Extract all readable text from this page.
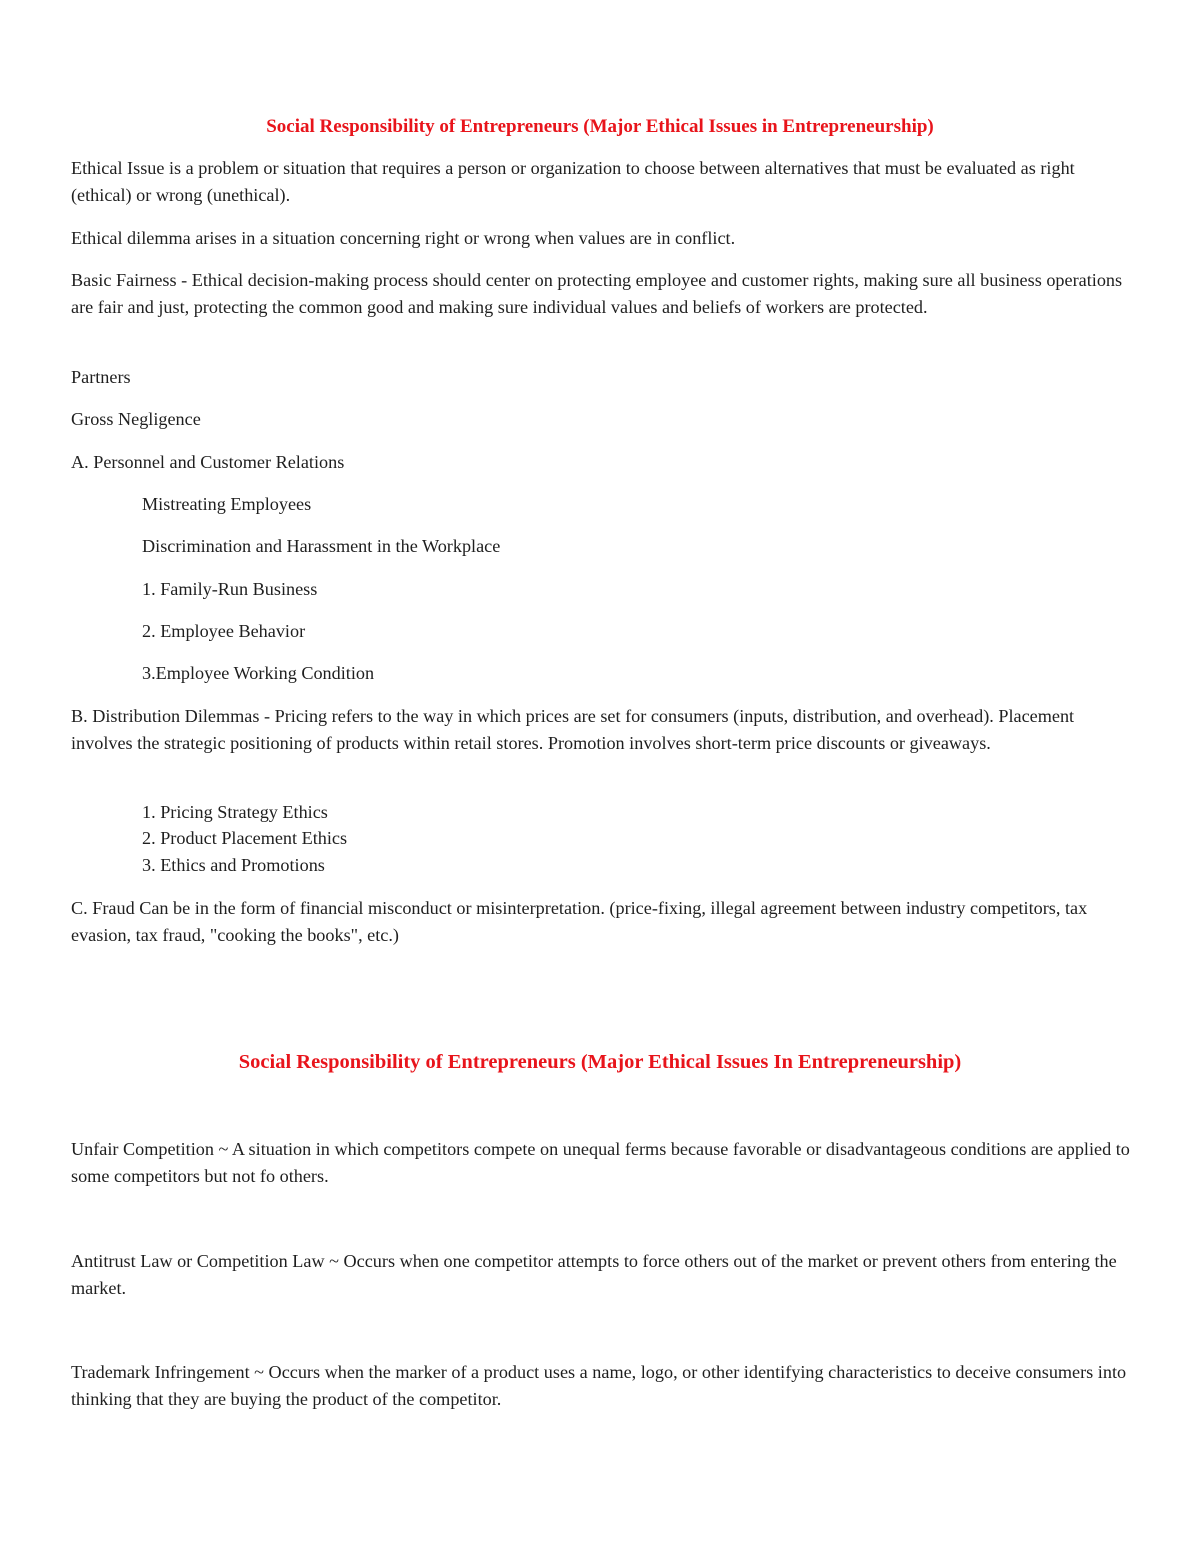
Social Responsibility of Entrepreneurs (Major Ethical Issues in Entrepreneurship)
Ethical Issue is a problem or situation that requires a person or organization to choose between alternatives that must be evaluated as right (ethical) or wrong (unethical).
Ethical dilemma arises in a situation concerning right or wrong when values are in conflict.
Basic Fairness - Ethical decision-making process should center on protecting employee and customer rights, making sure all business operations are fair and just, protecting the common good and making sure individual values and beliefs of workers are protected.
Partners
Gross Negligence
A. Personnel and Customer Relations
Mistreating Employees
Discrimination and Harassment in the Workplace
1. Family-Run Business
2. Employee Behavior
3.Employee Working Condition
B. Distribution Dilemmas - Pricing refers to the way in which prices are set for consumers (inputs, distribution, and overhead). Placement involves the strategic positioning of products within retail stores. Promotion involves short-term price discounts or giveaways.
1. Pricing Strategy Ethics
2. Product Placement Ethics
3. Ethics and Promotions
C. Fraud Can be in the form of financial misconduct or misinterpretation. (price-fixing, illegal agreement between industry competitors, tax evasion, tax fraud, "cooking the books", etc.)
Social Responsibility of Entrepreneurs (Major Ethical Issues In Entrepreneurship)
Unfair Competition ~ A situation in which competitors compete on unequal ferms because favorable or disadvantageous conditions are applied to some competitors but not fo others.
Antitrust Law or Competition Law ~ Occurs when one competitor attempts to force others out of the market or prevent others from entering the market.
Trademark Infringement ~ Occurs when the marker of a product uses a name, logo, or other identifying characteristics to deceive consumers into thinking that they are buying the product of the competitor.
